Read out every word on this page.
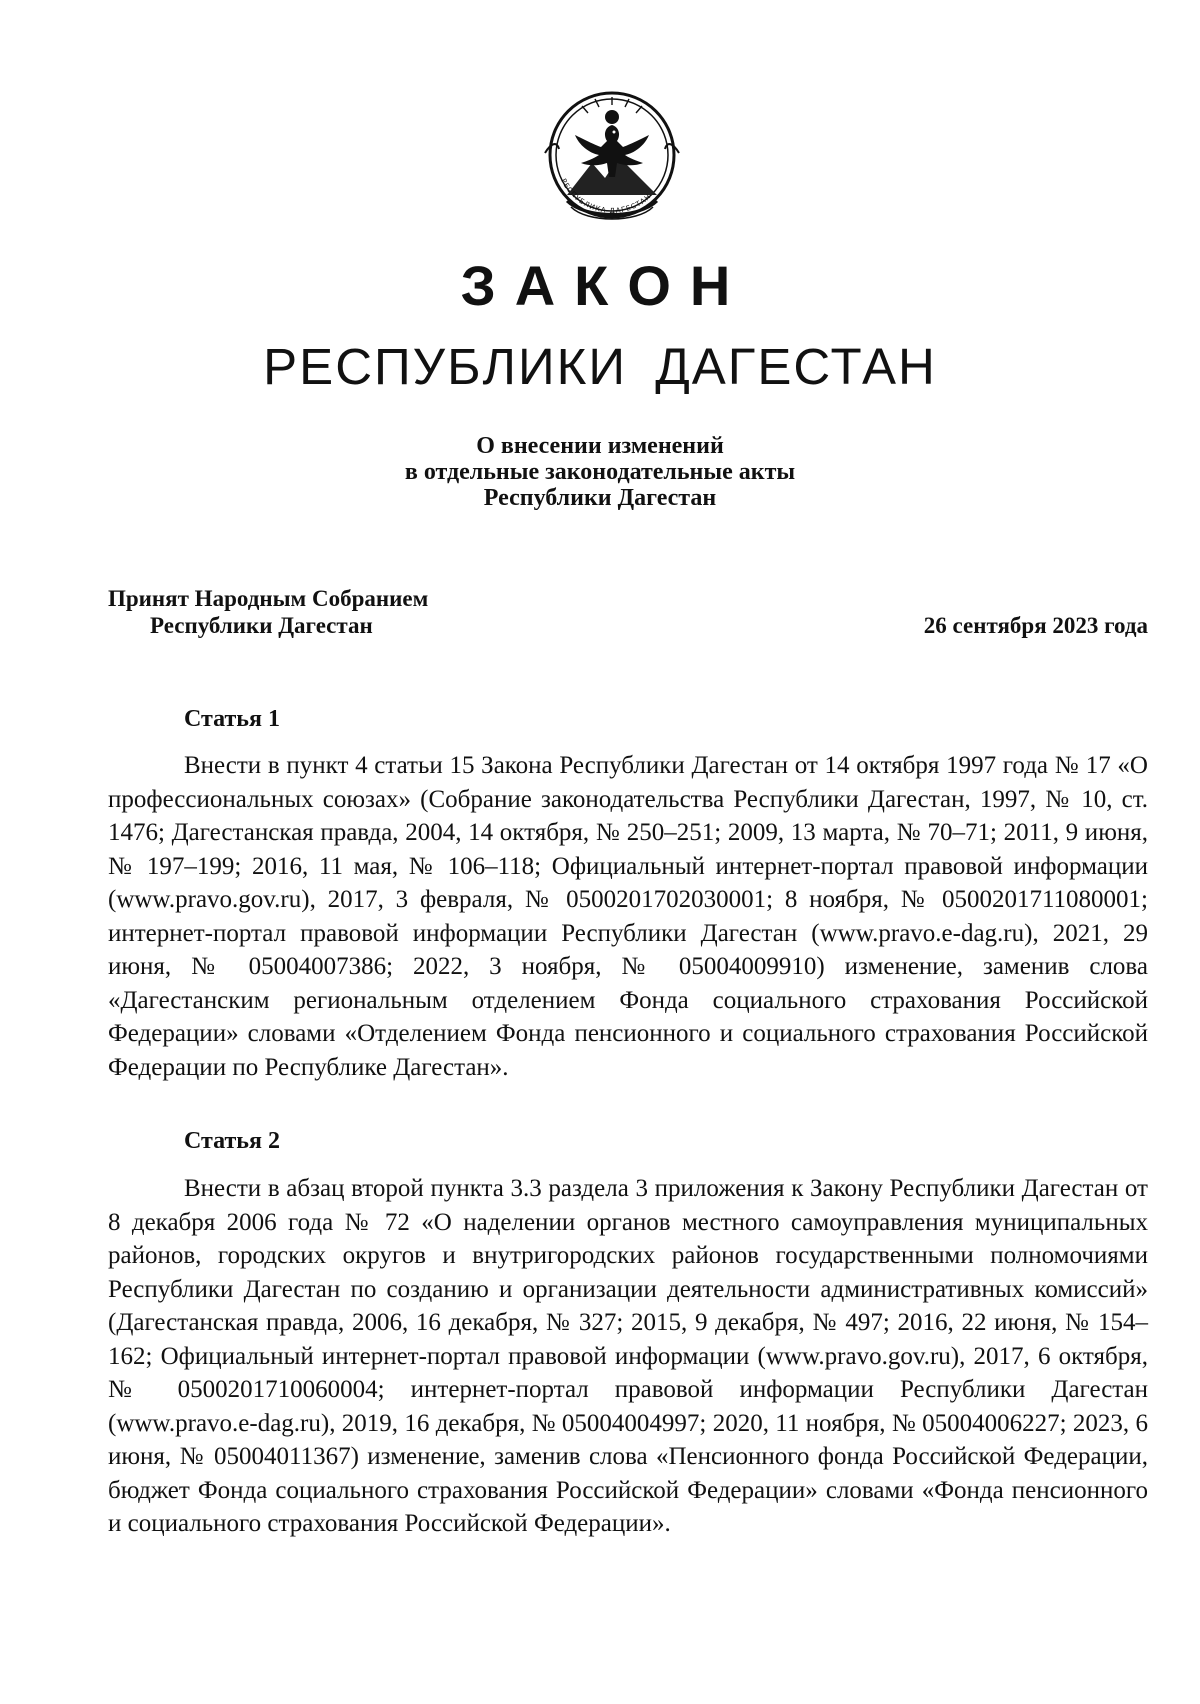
РЕСПУБЛИКА ДАГЕСТАН
ЗАКОН
РЕСПУБЛИКИ ДАГЕСТАН
О внесении изменений
в отдельные законодательные акты
Республики Дагестан
Принят Народным Собранием
Республики Дагестан	26 сентября 2023 года
Статья 1
Внести в пункт 4 статьи 15 Закона Республики Дагестан от 14 октября 1997 года № 17 «О профессиональных союзах» (Собрание законодательства Республики Дагестан, 1997, № 10, ст. 1476; Дагестанская правда, 2004, 14 октября, № 250–251; 2009, 13 марта, № 70–71; 2011, 9 июня, № 197–199; 2016, 11 мая, № 106–118; Официальный интернет-портал правовой информации (www.pravo.gov.ru), 2017, 3 февраля, № 0500201702030001; 8 ноября, № 0500201711080001; интернет-портал правовой информации Республики Дагестан (www.pravo.e-dag.ru), 2021, 29 июня, № 05004007386; 2022, 3 ноября, № 05004009910) изменение, заменив слова «Дагестанским региональным отделением Фонда социального страхования Российской Федерации» словами «Отделением Фонда пенсионного и социального страхования Российской Федерации по Республике Дагестан».
Статья 2
Внести в абзац второй пункта 3.3 раздела 3 приложения к Закону Республики Дагестан от 8 декабря 2006 года № 72 «О наделении органов местного самоуправления муниципальных районов, городских округов и внутригородских районов государственными полномочиями Республики Дагестан по созданию и организации деятельности административных комиссий» (Дагестанская правда, 2006, 16 декабря, № 327; 2015, 9 декабря, № 497; 2016, 22 июня, № 154–162; Официальный интернет-портал правовой информации (www.pravo.gov.ru), 2017, 6 октября, № 0500201710060004; интернет-портал правовой информации Республики Дагестан (www.pravo.e-dag.ru), 2019, 16 декабря, № 05004004997; 2020, 11 ноября, № 05004006227; 2023, 6 июня, № 05004011367) изменение, заменив слова «Пенсионного фонда Российской Федерации, бюджет Фонда социального страхования Российской Федерации» словами «Фонда пенсионного и социального страхования Российской Федерации».
